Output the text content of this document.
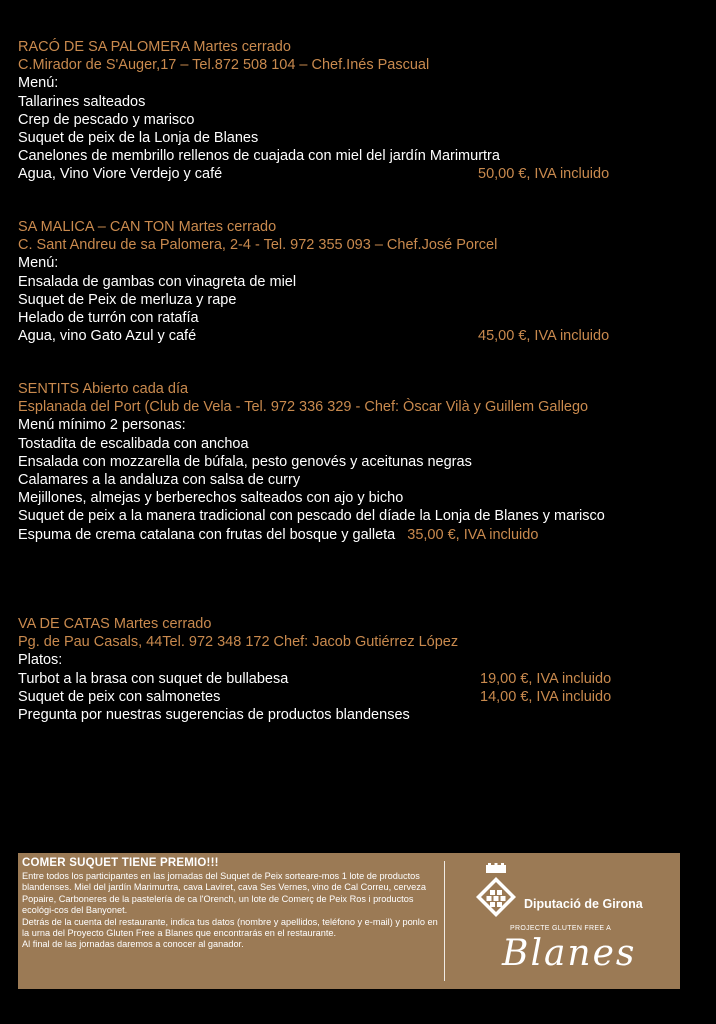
RACÓ DE SA PALOMERA Martes cerrado
C.Mirador de S'Auger,17 – Tel.872 508 104 – Chef.Inés Pascual
Menú:
Tallarines salteados
Crep de pescado y marisco
Suquet de peix de la Lonja de Blanes
Canelones de membrillo rellenos de cuajada con miel del jardín Marimurtra
Agua, Vino Viore Verdejo y café	50,00 €, IVA incluido
SA MALICA – CAN TON Martes cerrado
C. Sant Andreu de sa Palomera, 2-4 - Tel. 972 355 093 – Chef.José Porcel
Menú:
Ensalada de gambas con vinagreta de miel
Suquet de Peix de merluza y rape
Helado de turrón con ratafía
Agua, vino Gato Azul y café	45,00 €, IVA incluido
SENTITS Abierto cada día
Esplanada del Port (Club de Vela - Tel. 972 336 329 - Chef: Òscar Vilà y Guillem Gallego
Menú mínimo 2 personas:
Tostadita de escalibada con anchoa
Ensalada con mozzarella de búfala, pesto genovés y aceitunas negras
Calamares a la andaluza con salsa de curry
Mejillones, almejas y berberechos salteados con ajo y bicho
Suquet de peix a la manera tradicional con pescado del díade la Lonja de Blanes y marisco
Espuma de crema catalana con frutas del bosque y galleta 35,00 €, IVA incluido
VA DE CATAS Martes cerrado
Pg. de Pau Casals, 44Tel. 972 348 172 Chef: Jacob Gutiérrez López
Platos:
Turbot a la brasa con suquet de bullabesa	19,00 €, IVA incluido
Suquet de peix con salmonetes	14,00 €, IVA incluido
Pregunta por nuestras sugerencias de productos blandenses
COMER SUQUET TIENE PREMIO!!!
Entre todos los participantes en las jornadas del Suquet de Peix sorteare-mos 1 lote de productos blandenses. Miel del jardín Marimurtra, cava Laviret, cava Ses Vernes, vino de Cal Correu, cerveza Popaire, Carboneres de la pastelería de ca l'Orench, un lote de Comerç de Peix Ros i productos ecológi-cos del Banyonet.
Detrás de la cuenta del restaurante, indica tus datos (nombre y apellidos, teléfono y e-mail) y ponlo en la urna del Proyecto Gluten Free a Blanes que encontrarás en el restaurante.
Al final de las jornadas daremos a conocer al ganador.
Diputació de Girona
PROJECTE GLUTEN FREE A
Blanes
